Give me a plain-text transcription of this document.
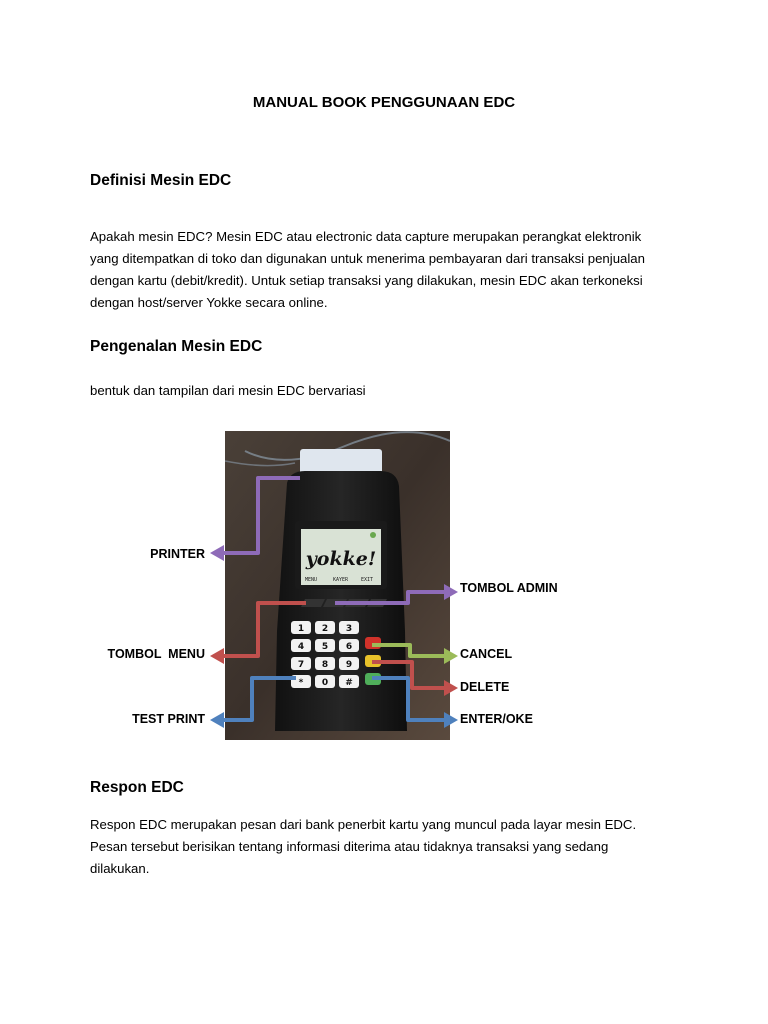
MANUAL BOOK PENGGUNAAN EDC
Definisi Mesin EDC

Apakah mesin EDC? Mesin EDC atau electronic data capture merupakan perangkat elektronik

yang ditempatkan di toko dan digunakan untuk menerima pembayaran dari transaksi penjualan

dengan kartu (debit/kredit). Untuk setiap transaksi yang dilakukan, mesin EDC akan terkoneksi

dengan host/server Yokke secara online.

Pengenalan Mesin EDC
bentuk dan tampilan dari mesin EDC bervariasi
yokke!
MENU	KAYER	EXIT
1 2 3
4 5 6
7 8 9
* 0 #
PRINTER
TOMBOL ADMIN
TOMBOL  MENU	CANCEL
DELETE
TEST PRINT	ENTER/OKE
Respon EDC

Respon EDC merupakan pesan dari bank penerbit kartu yang muncul pada layar mesin EDC.

Pesan tersebut berisikan tentang informasi diterima atau tidaknya transaksi yang sedang

dilakukan.
